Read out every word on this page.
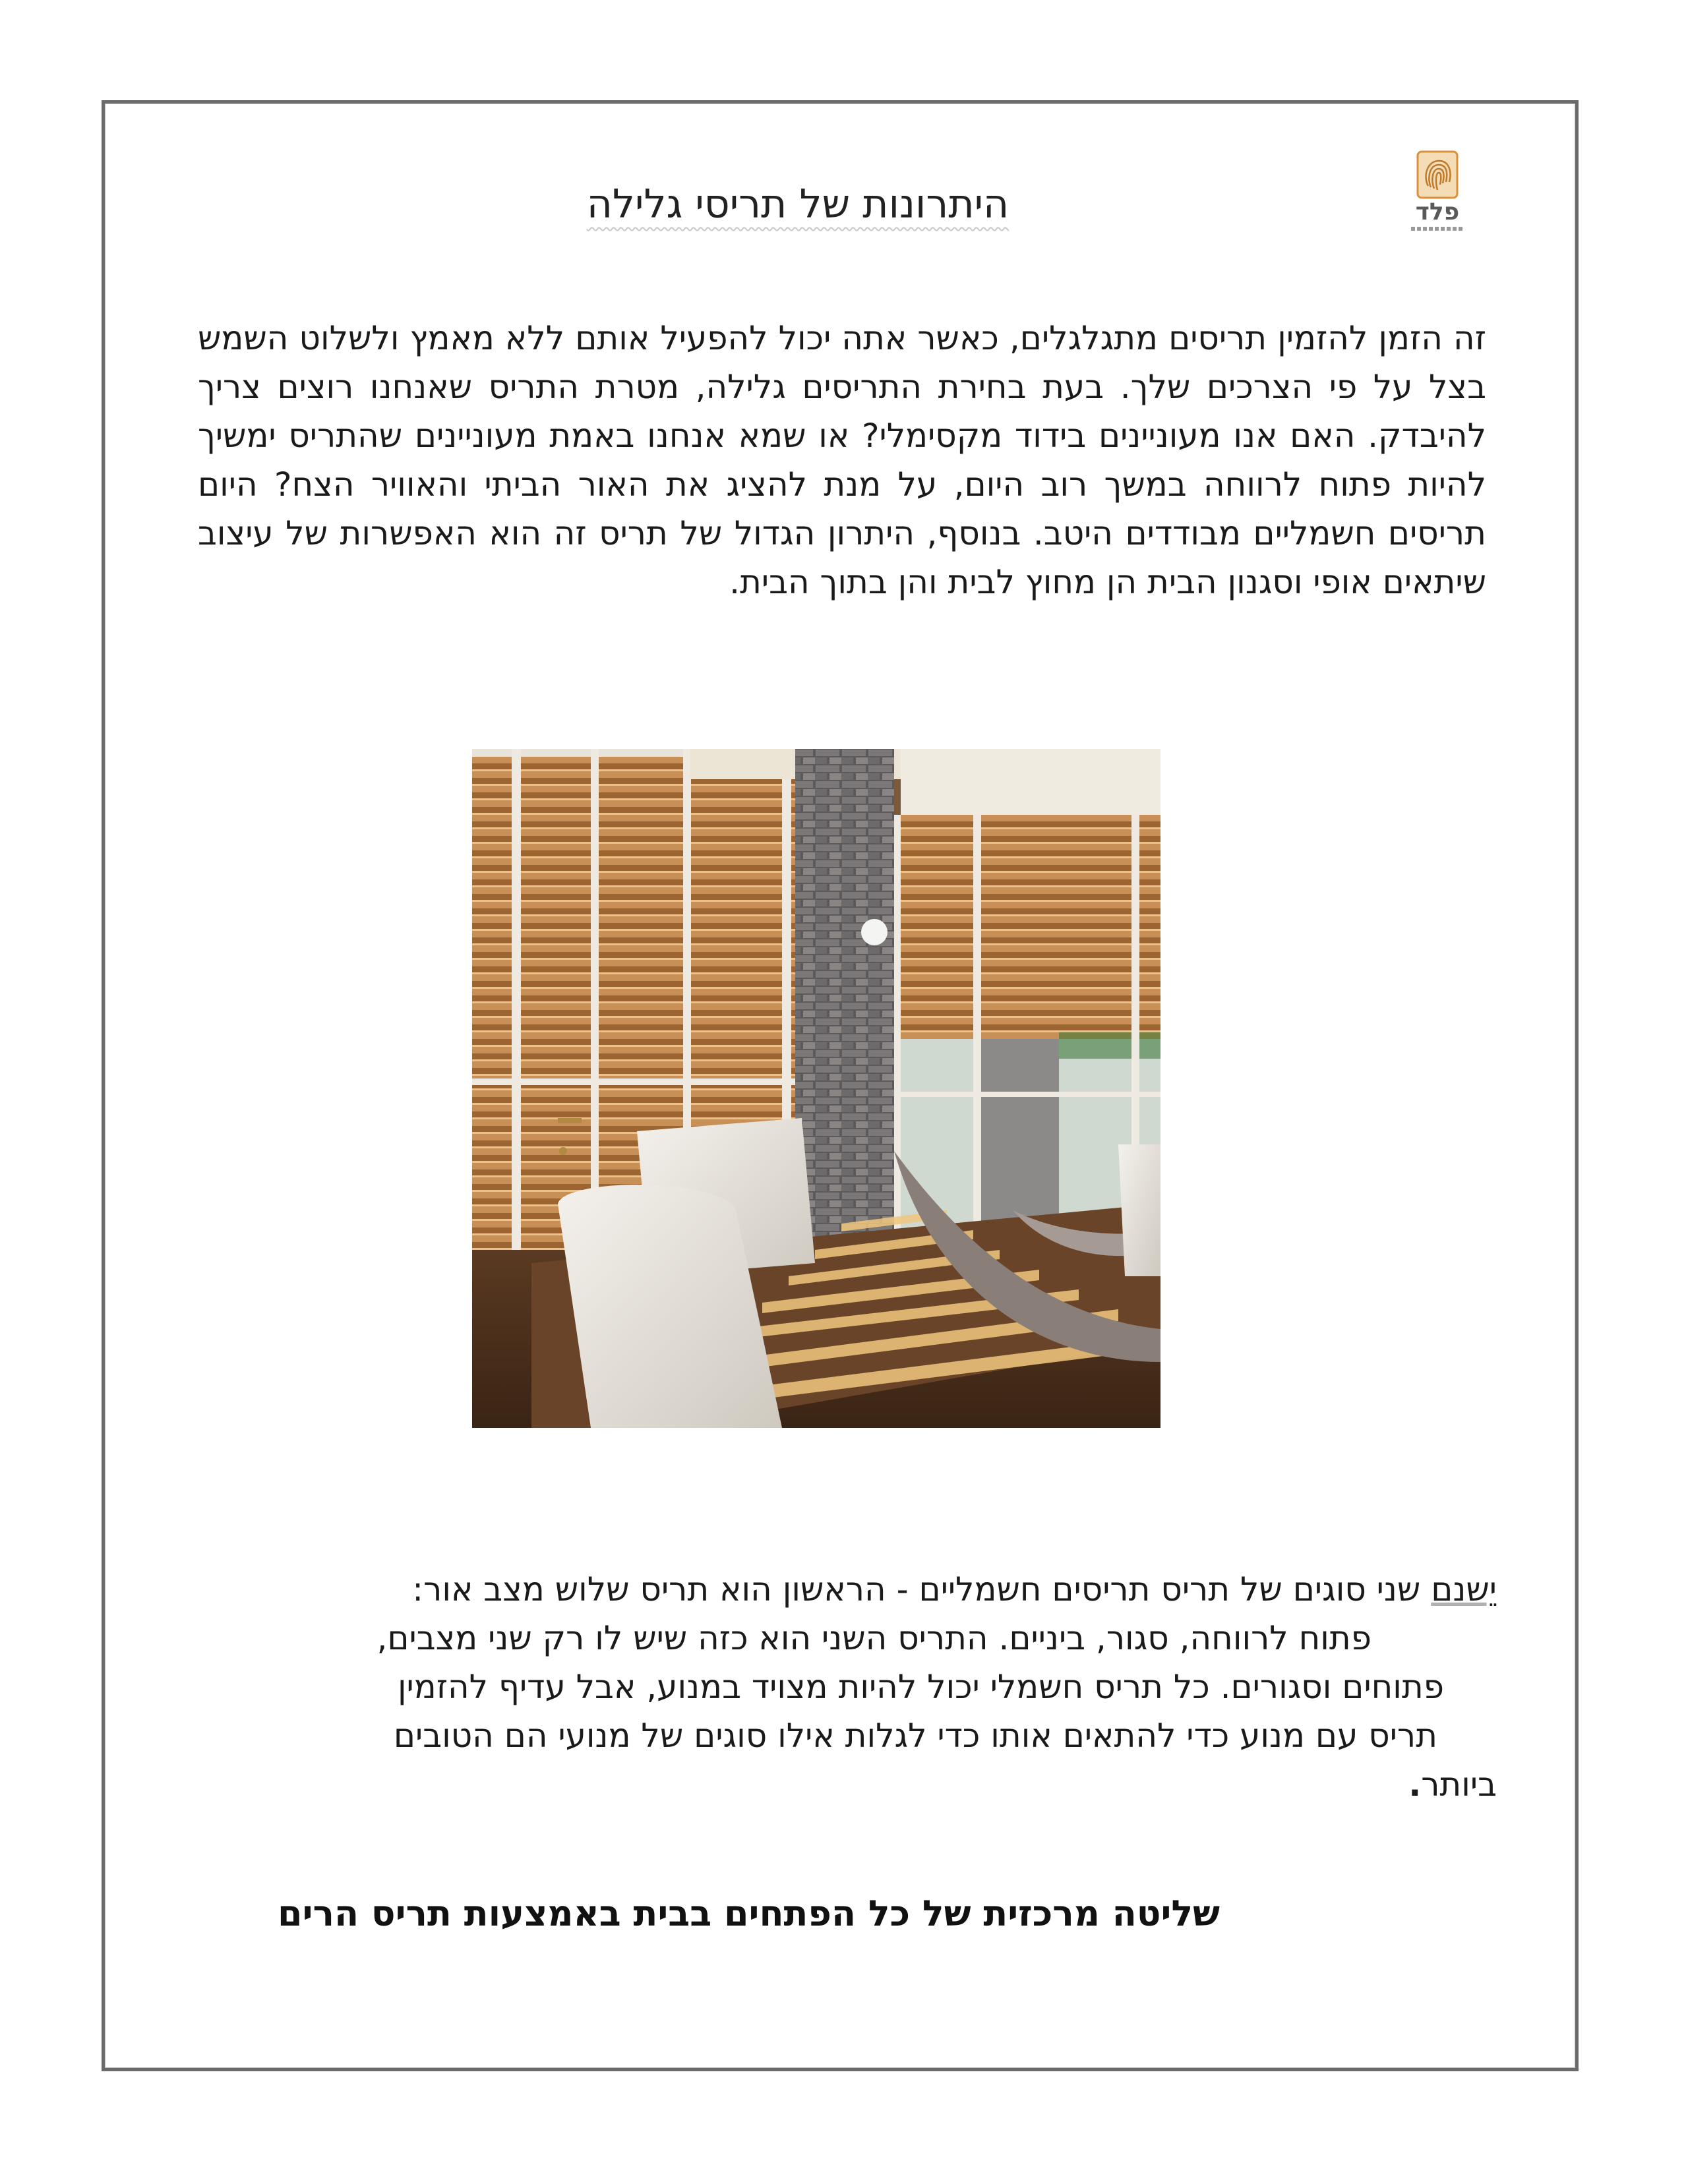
פלד
היתרונות של תריסי גלילה

זה הזמן להזמין תריסים מתגלגלים, כאשר אתה יכול להפעיל אותם ללא מאמץ ולשלוט השמש בצל על פי הצרכים שלך. בעת בחירת התריסים גלילה, מטרת התריס שאנחנו רוצים צריך להיבדק. האם אנו מעוניינים בידוד מקסימלי? או שמא אנחנו באמת מעוניינים שהתריס ימשיך להיות פתוח לרווחה במשך רוב היום, על מנת להציג את האור הביתי והאוויר הצח? היום תריסים חשמליים מבודדים היטב. בנוסף, היתרון הגדול של תריס זה הוא האפשרות של עיצוב שיתאים אופי וסגנון הבית הן מחוץ לבית והן בתוך הבית.

יֵשנם שני סוגים של תריס תריסים חשמליים - הראשון הוא תריס שלוש מצב אור:
פתוח לרווחה, סגור, ביניים. התריס השני הוא כזה שיש לו רק שני מצבים,
פתוחים וסגורים. כל תריס חשמלי יכול להיות מצויד במנוע, אבל עדיף להזמין
תריס עם מנוע כדי להתאים אותו כדי לגלות אילו סוגים של מנועי הם הטובים
ביותר.

שליטה מרכזית של כל הפתחים בבית באמצעות תריס הרים
